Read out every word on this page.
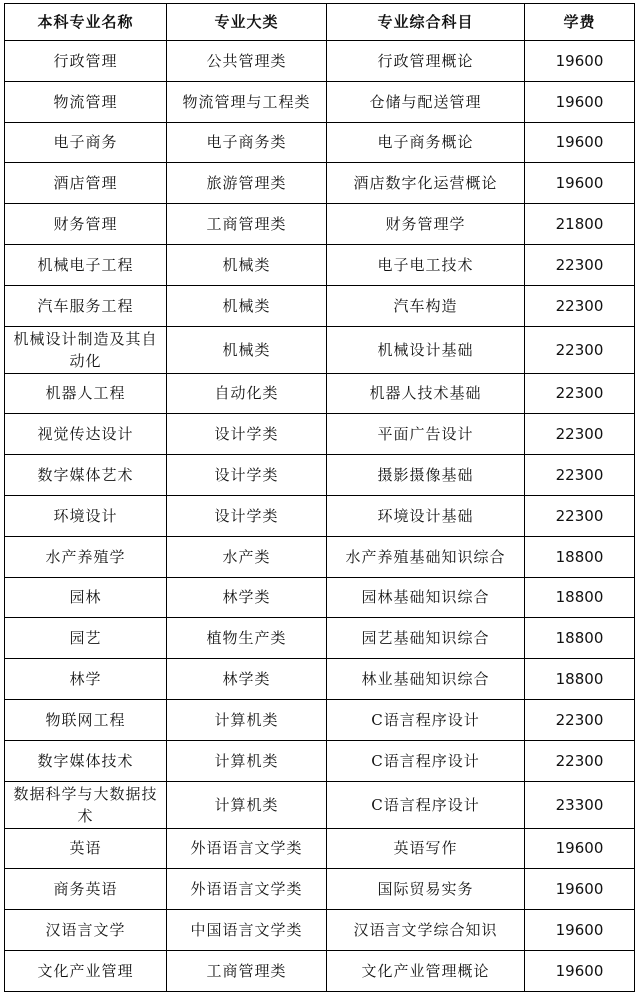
本科专业名称	专业大类	专业综合科目	学费
行政管理	公共管理类	行政管理概论	19600
物流管理	物流管理与工程类	仓储与配送管理	19600
电子商务	电子商务类	电子商务概论	19600
酒店管理	旅游管理类	酒店数字化运营概论	19600
财务管理	工商管理类	财务管理学	21800
机械电子工程	机械类	电子电工技术	22300
汽车服务工程	机械类	汽车构造	22300
机械设计制造及其自动化	机械类	机械设计基础	22300
机器人工程	自动化类	机器人技术基础	22300
视觉传达设计	设计学类	平面广告设计	22300
数字媒体艺术	设计学类	摄影摄像基础	22300
环境设计	设计学类	环境设计基础	22300
水产养殖学	水产类	水产养殖基础知识综合	18800
园林	林学类	园林基础知识综合	18800
园艺	植物生产类	园艺基础知识综合	18800
林学	林学类	林业基础知识综合	18800
物联网工程	计算机类	C语言程序设计	22300
数字媒体技术	计算机类	C语言程序设计	22300
数据科学与大数据技术	计算机类	C语言程序设计	23300
英语	外语语言文学类	英语写作	19600
商务英语	外语语言文学类	国际贸易实务	19600
汉语言文学	中国语言文学类	汉语言文学综合知识	19600
文化产业管理	工商管理类	文化产业管理概论	19600
